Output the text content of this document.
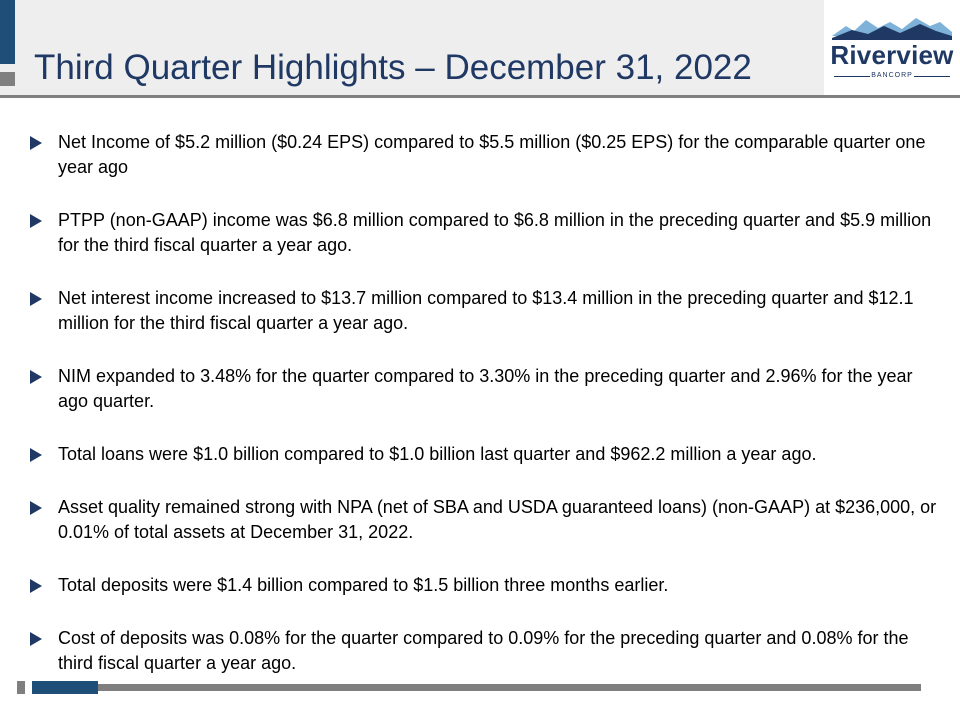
Third Quarter Highlights – December 31, 2022	Riverview
BANCORP
Net Income of $5.2 million ($0.24 EPS) compared to $5.5 million ($0.25 EPS) for the comparable quarter one year ago
PTPP (non-GAAP) income was $6.8 million compared to $6.8 million in the preceding quarter and $5.9 million for the third fiscal quarter a year ago.
Net interest income increased to $13.7 million compared to $13.4 million in the preceding quarter and $12.1 million for the third fiscal quarter a year ago.
NIM expanded to 3.48% for the quarter compared to 3.30% in the preceding quarter and 2.96% for the year ago quarter.
Total loans were $1.0 billion compared to $1.0 billion last quarter and $962.2 million a year ago.
Asset quality remained strong with NPA (net of SBA and USDA guaranteed loans) (non-GAAP) at $236,000, or 0.01% of total assets at December 31, 2022.
Total deposits were $1.4 billion compared to $1.5 billion three months earlier.
Cost of deposits was 0.08% for the quarter compared to 0.09% for the preceding quarter and 0.08% for the third fiscal quarter a year ago.
